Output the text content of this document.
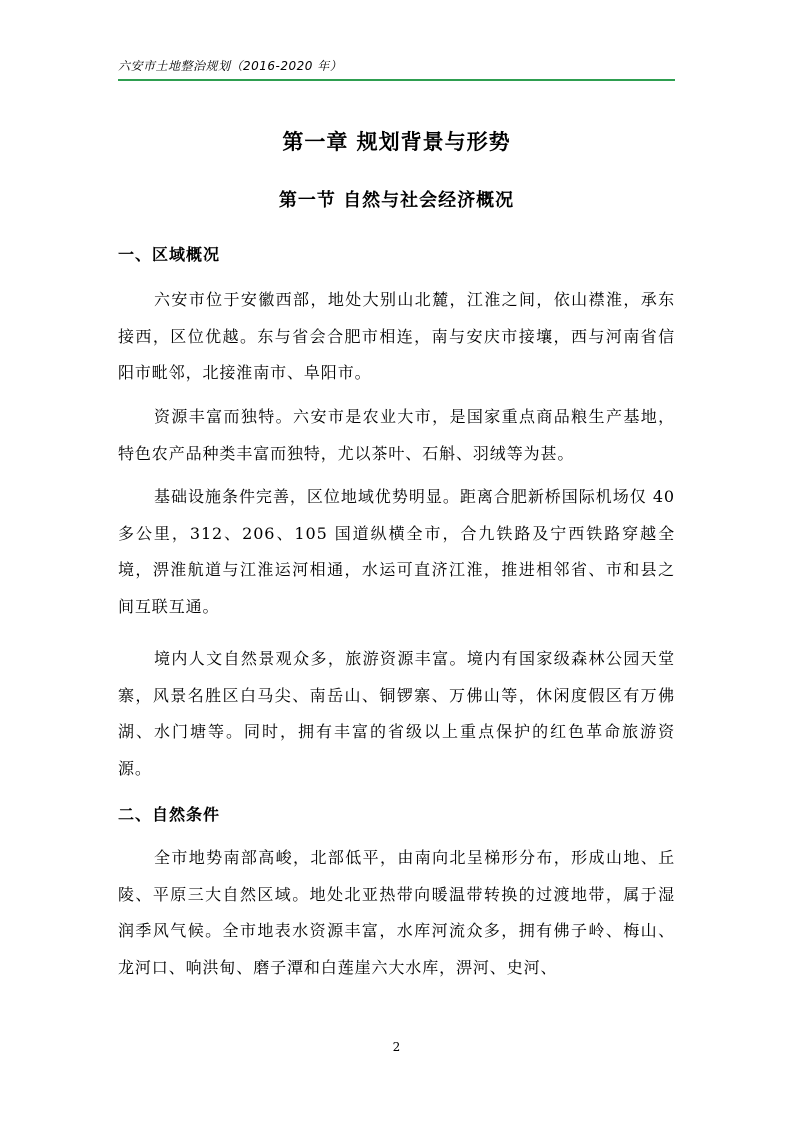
六安市土地整治规划（2016-2020 年）
第一章 规划背景与形势
第一节 自然与社会经济概况
一、区域概况

六安市位于安徽西部，地处大别山北麓，江淮之间，依山襟淮，承东接西，区位优越。东与省会合肥市相连，南与安庆市接壤，西与河南省信阳市毗邻，北接淮南市、阜阳市。

资源丰富而独特。六安市是农业大市，是国家重点商品粮生产基地，特色农产品种类丰富而独特，尤以茶叶、石斛、羽绒等为甚。

基础设施条件完善，区位地域优势明显。距离合肥新桥国际机场仅 40 多公里，312、206、105 国道纵横全市，合九铁路及宁西铁路穿越全境，淠淮航道与江淮运河相通，水运可直济江淮，推进相邻省、市和县之间互联互通。

境内人文自然景观众多，旅游资源丰富。境内有国家级森林公园天堂寨，风景名胜区白马尖、南岳山、铜锣寨、万佛山等，休闲度假区有万佛湖、水门塘等。同时，拥有丰富的省级以上重点保护的红色革命旅游资源。

二、自然条件

全市地势南部高峻，北部低平，由南向北呈梯形分布，形成山地、丘陵、平原三大自然区域。地处北亚热带向暖温带转换的过渡地带，属于湿润季风气候。全市地表水资源丰富，水库河流众多，拥有佛子岭、梅山、龙河口、响洪甸、磨子潭和白莲崖六大水库，淠河、史河、

2
